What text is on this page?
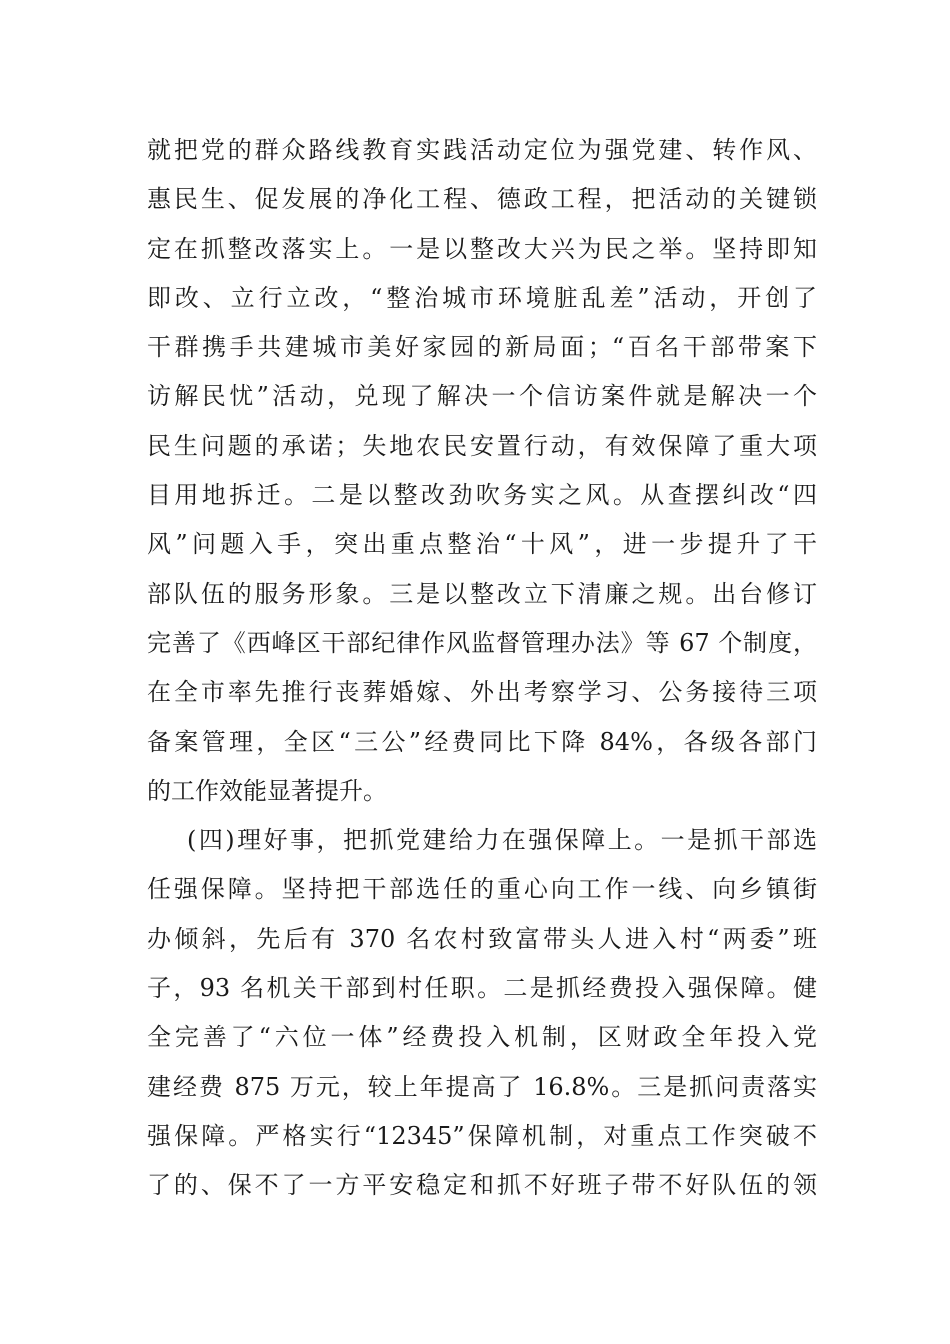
就把党的群众路线教育实践活动定位为强党建、转作风、
惠民生、促发展的净化工程、德政工程，把活动的关键锁
定在抓整改落实上。一是以整改大兴为民之举。坚持即知
即改、立行立改，“整治城市环境脏乱差”活动，开创了
干群携手共建城市美好家园的新局面；“百名干部带案下
访解民忧”活动，兑现了解决一个信访案件就是解决一个
民生问题的承诺；失地农民安置行动，有效保障了重大项
目用地拆迁。二是以整改劲吹务实之风。从查摆纠改“四
风”问题入手，突出重点整治“十风”，进一步提升了干
部队伍的服务形象。三是以整改立下清廉之规。出台修订
完善了《西峰区干部纪律作风监督管理办法》等 67 个制度，
在全市率先推行丧葬婚嫁、外出考察学习、公务接待三项
备案管理，全区“三公”经费同比下降 84%，各级各部门
的工作效能显著提升。
(四)理好事，把抓党建给力在强保障上。一是抓干部选
任强保障。坚持把干部选任的重心向工作一线、向乡镇街
办倾斜，先后有 370 名农村致富带头人进入村“两委”班
子，93 名机关干部到村任职。二是抓经费投入强保障。健
全完善了“六位一体”经费投入机制，区财政全年投入党
建经费 875 万元，较上年提高了 16.8%。三是抓问责落实
强保障。严格实行“12345”保障机制，对重点工作突破不
了的、保不了一方平安稳定和抓不好班子带不好队伍的领
